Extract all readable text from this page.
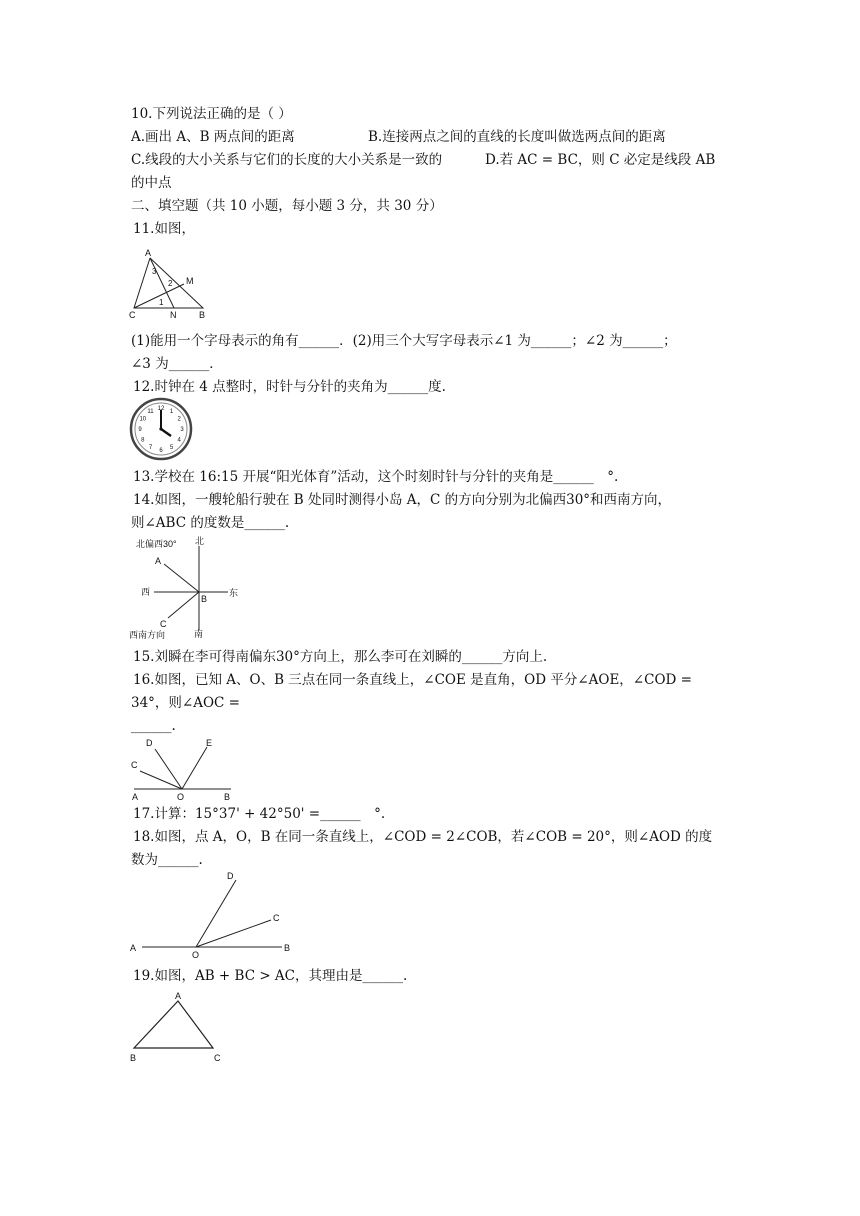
10.下列说法正确的是（ ）
A.画出 A、B 两点间的距离	B.连接两点之间的直线的长度叫做选两点间的距离
C.线段的大小关系与它们的长度的大小关系是一致的	D.若 AC = BC，则 C 必定是线段 AB
的中点
二、填空题（共 10 小题，每小题 3 分，共 30 分）
11.如图，
A
C	N	B
M
1
2
3
(1)能用一个字母表示的角有______．(2)用三个大写字母表示∠1 为______；∠2 为______；
∠3 为______．
12.时钟在 4 点整时，时针与分针的夹角为______度.
12 1
2
3
4
5
6
7
8
9
10
11
13.学校在 16:15 开展“阳光体育”活动，这个时刻时针与分针的夹角是______　°.
14.如图，一艘轮船行驶在 B 处同时测得小岛 A，C 的方向分别为北偏西30°和西南方向，
则∠ABC 的度数是______.
北偏西30° 北
西	东
南
西南方向
A
B
C
15.刘瞬在李可得南偏东30°方向上，那么李可在刘瞬的______方向上.
16.如图，已知 A、O、B 三点在同一条直线上，∠COE 是直角，OD 平分∠AOE，∠COD =
34°，则∠AOC =
______.
A	O	B
C
D	E
17.计算：15°37' + 42°50' =______　°.
18.如图，点 A，O，B 在同一条直线上，∠COD = 2∠COB，若∠COB = 20°，则∠AOD 的度
数为______.
A
O
B
C
D
19.如图，AB + BC > AC，其理由是______.
A
B	C
